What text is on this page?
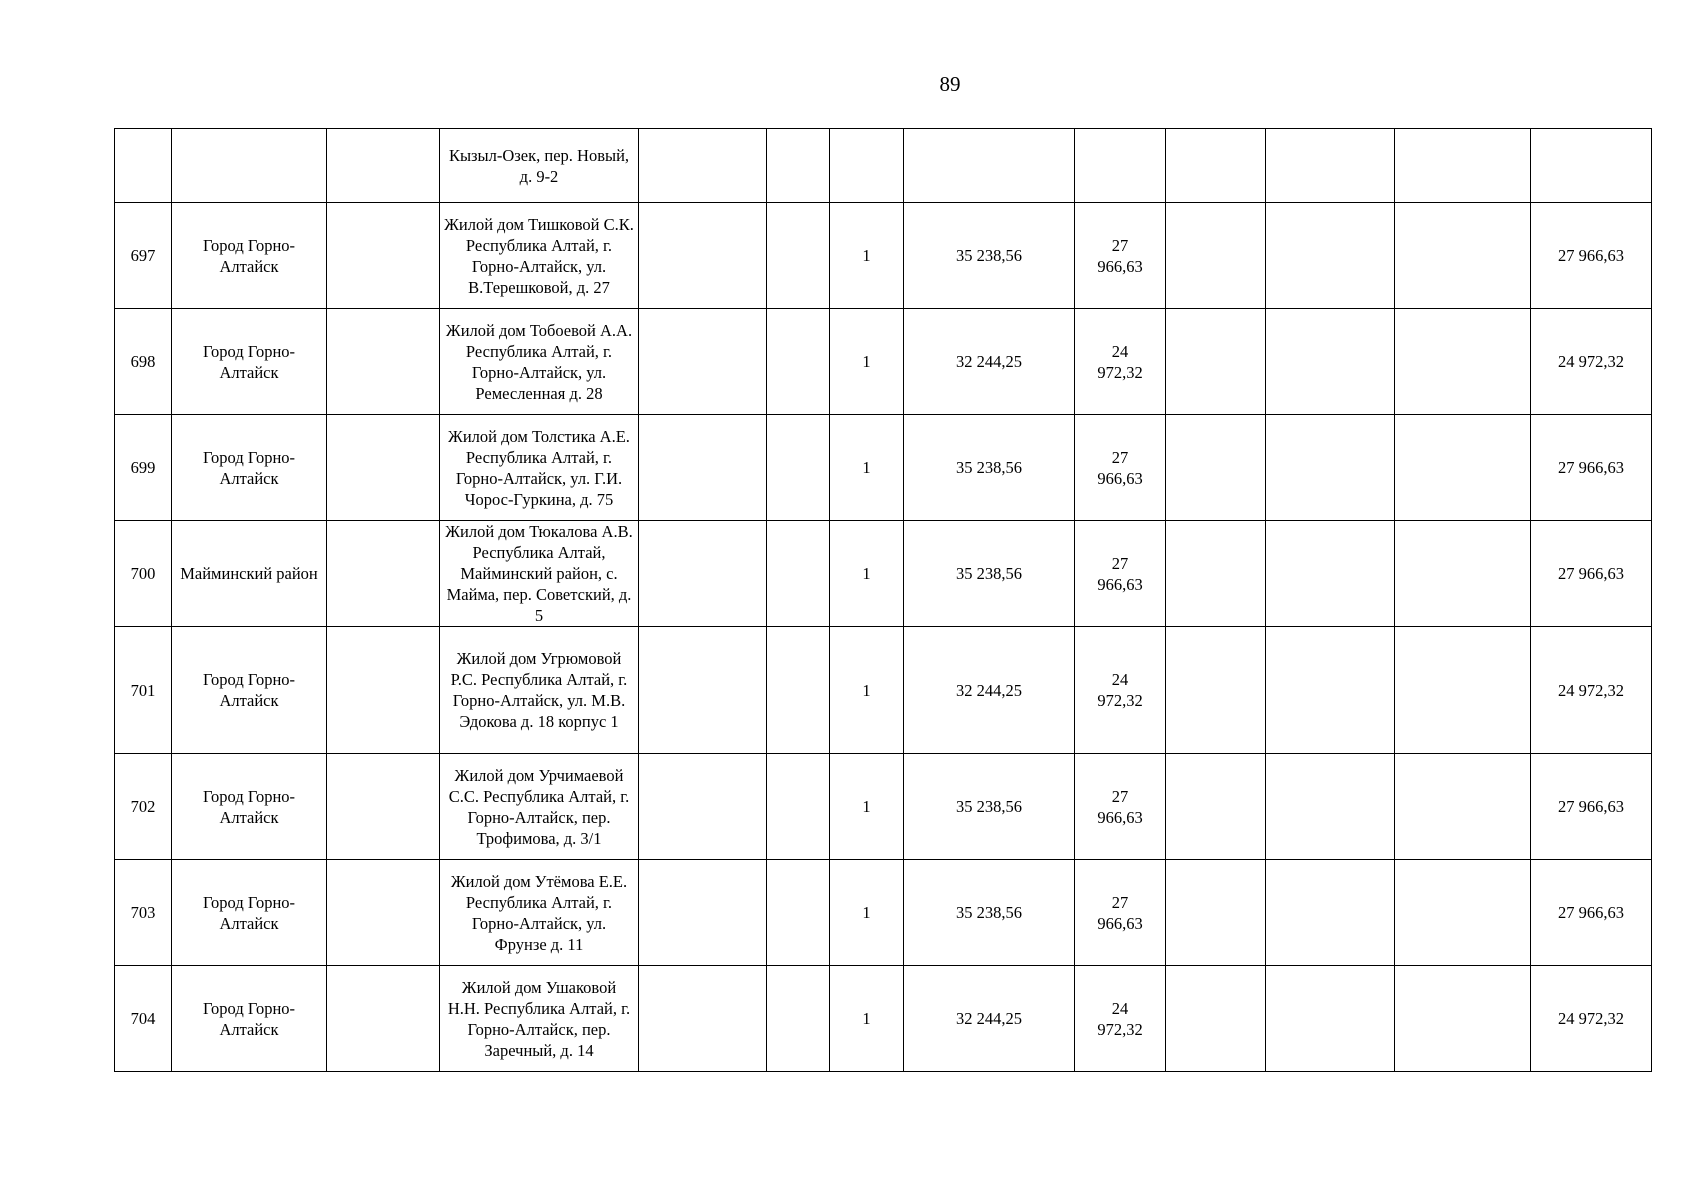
89
			Кызыл-Озек, пер. Новый, д. 9-2									
697	Город Горно-Алтайск		Жилой дом Тишковой С.К. Республика Алтай, г. Горно-Алтайск, ул. В.Терешковой, д. 27			1	35 238,56	27 966,63				27 966,63
698	Город Горно-Алтайск		Жилой дом Тобоевой А.А. Республика Алтай, г. Горно-Алтайск, ул. Ремесленная д. 28			1	32 244,25	24 972,32				24 972,32
699	Город Горно-Алтайск		Жилой дом Толстика А.Е. Республика Алтай, г. Горно-Алтайск, ул. Г.И. Чорос-Гуркина, д. 75			1	35 238,56	27 966,63				27 966,63
700	Майминский район		Жилой дом Тюкалова А.В. Республика Алтай, Майминский район, с. Майма, пер. Советский, д. 5			1	35 238,56	27 966,63				27 966,63
701	Город Горно-Алтайск		Жилой дом Угрюмовой Р.С. Республика Алтай, г. Горно-Алтайск, ул. М.В. Эдокова д. 18 корпус 1			1	32 244,25	24 972,32				24 972,32
702	Город Горно-Алтайск		Жилой дом Урчимаевой С.С. Республика Алтай, г. Горно-Алтайск, пер. Трофимова, д. 3/1			1	35 238,56	27 966,63				27 966,63
703	Город Горно-Алтайск		Жилой дом Утёмова Е.Е. Республика Алтай, г. Горно-Алтайск, ул. Фрунзе д. 11			1	35 238,56	27 966,63				27 966,63
704	Город Горно-Алтайск		Жилой дом Ушаковой Н.Н. Республика Алтай, г. Горно-Алтайск, пер. Заречный, д. 14			1	32 244,25	24 972,32				24 972,32
